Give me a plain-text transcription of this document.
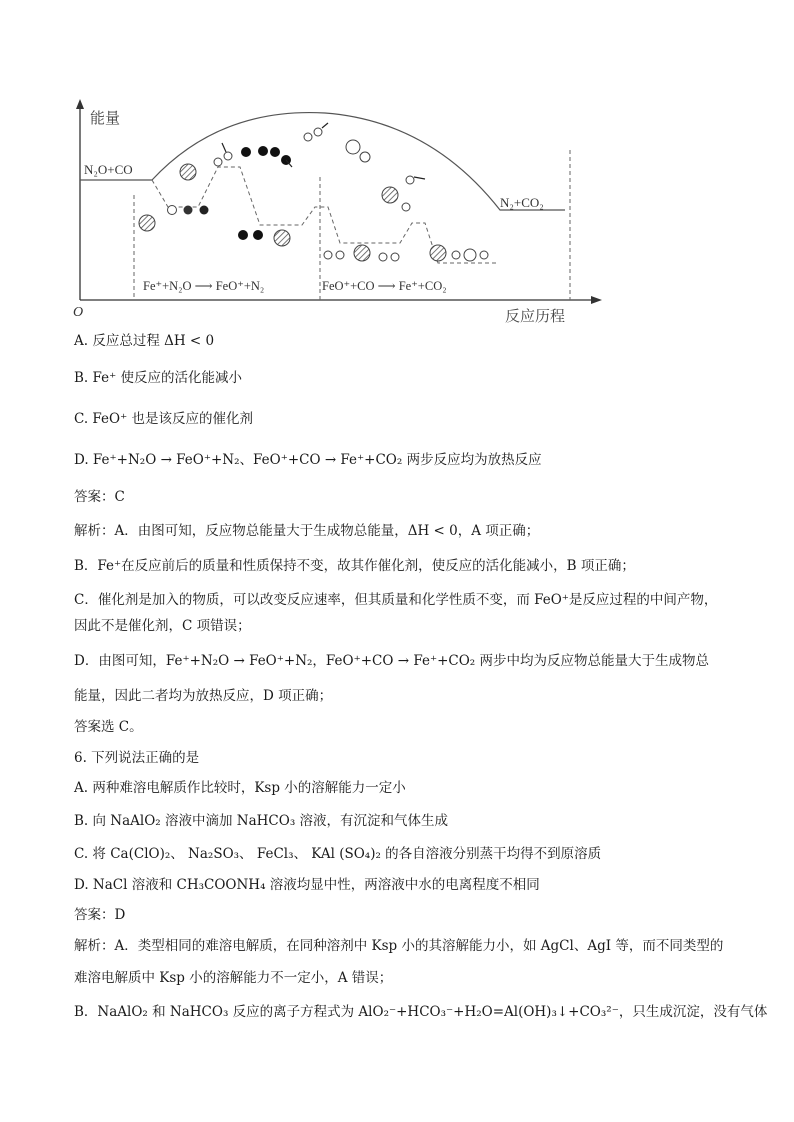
能量
反应历程
O
N₂O+CO
N₂+CO₂
Fe⁺+N₂O ⟶ FeO⁺+N₂	FeO⁺+CO ⟶ Fe⁺+CO₂
A. 反应总过程 ΔH < 0
B. Fe⁺ 使反应的活化能减小
C. FeO⁺ 也是该反应的催化剂
D. Fe⁺+N₂O → FeO⁺+N₂、FeO⁺+CO → Fe⁺+CO₂ 两步反应均为放热反应
答案：C
解析：A．由图可知，反应物总能量大于生成物总能量，ΔH < 0，A 项正确；
B．Fe⁺在反应前后的质量和性质保持不变，故其作催化剂，使反应的活化能减小，B 项正确；
C．催化剂是加入的物质，可以改变反应速率，但其质量和化学性质不变，而 FeO⁺是反应过程的中间产物，
因此不是催化剂，C 项错误；
D．由图可知，Fe⁺+N₂O → FeO⁺+N₂，FeO⁺+CO → Fe⁺+CO₂ 两步中均为反应物总能量大于生成物总
能量，因此二者均为放热反应，D 项正确；
答案选 C。
6. 下列说法正确的是
A. 两种难溶电解质作比较时，Ksp 小的溶解能力一定小
B. 向 NaAlO₂ 溶液中滴加 NaHCO₃ 溶液，有沉淀和气体生成
C. 将 Ca(ClO)₂、 Na₂SO₃、 FeCl₃、 KAl (SO₄)₂ 的各自溶液分别蒸干均得不到原溶质
D. NaCl 溶液和 CH₃COONH₄ 溶液均显中性，两溶液中水的电离程度不相同
答案：D
解析：A．类型相同的难溶电解质，在同种溶剂中 Ksp 小的其溶解能力小，如 AgCl、AgI 等，而不同类型的
难溶电解质中 Ksp 小的溶解能力不一定小，A 错误；
B．NaAlO₂ 和 NaHCO₃ 反应的离子方程式为 AlO₂⁻+HCO₃⁻+H₂O=Al(OH)₃↓+CO₃²⁻，只生成沉淀，没有气体
